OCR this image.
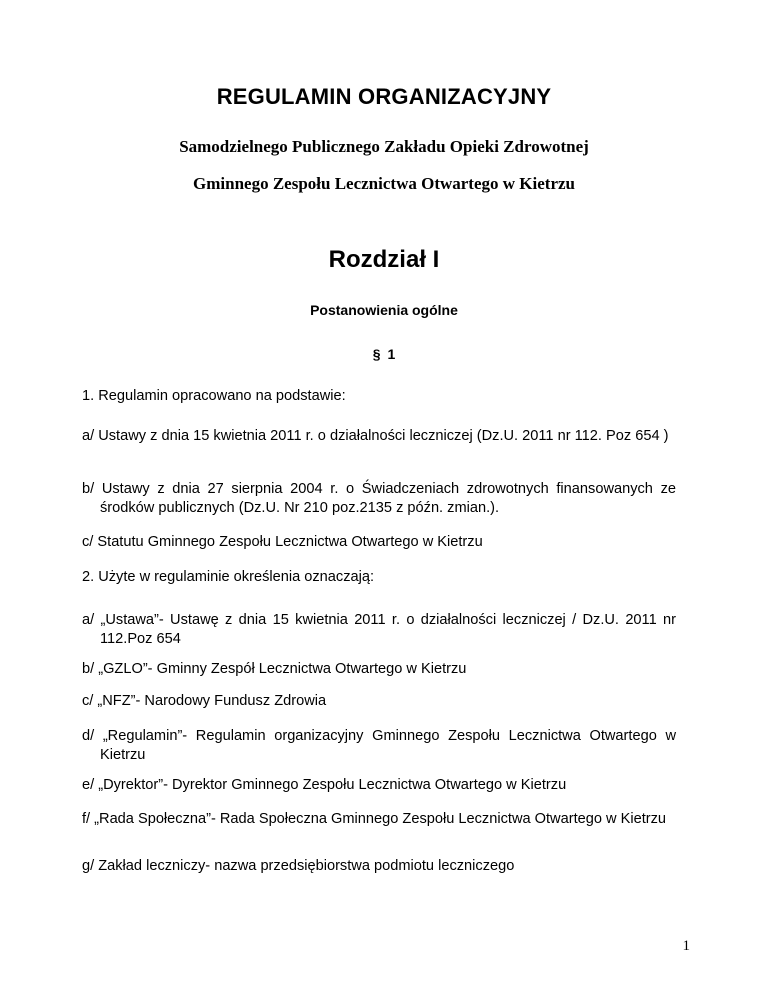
REGULAMIN ORGANIZACYJNY
Samodzielnego Publicznego Zakładu Opieki Zdrowotnej
Gminnego Zespołu Lecznictwa Otwartego w Kietrzu
Rozdział I
Postanowienia ogólne
§ 1
1. Regulamin opracowano na podstawie:
a/ Ustawy z dnia 15 kwietnia 2011 r. o działalności leczniczej (Dz.U. 2011 nr 112. Poz 654 )
b/ Ustawy z dnia 27 sierpnia 2004 r. o Świadczeniach zdrowotnych finansowanych ze środków publicznych (Dz.U. Nr 210 poz.2135 z późn. zmian.).
c/ Statutu Gminnego Zespołu Lecznictwa Otwartego w Kietrzu
2. Użyte w regulaminie określenia oznaczają:
a/ „Ustawa”- Ustawę z dnia 15 kwietnia 2011 r. o działalności leczniczej / Dz.U. 2011 nr 112.Poz 654
b/ „GZLO”- Gminny Zespół Lecznictwa Otwartego w Kietrzu
c/ „NFZ”- Narodowy Fundusz Zdrowia
d/ „Regulamin”- Regulamin organizacyjny Gminnego Zespołu Lecznictwa Otwartego w Kietrzu
e/ „Dyrektor”- Dyrektor Gminnego Zespołu Lecznictwa Otwartego w Kietrzu
f/ „Rada Społeczna”- Rada Społeczna Gminnego Zespołu Lecznictwa Otwartego w Kietrzu
g/ Zakład leczniczy- nazwa przedsiębiorstwa podmiotu leczniczego
1
